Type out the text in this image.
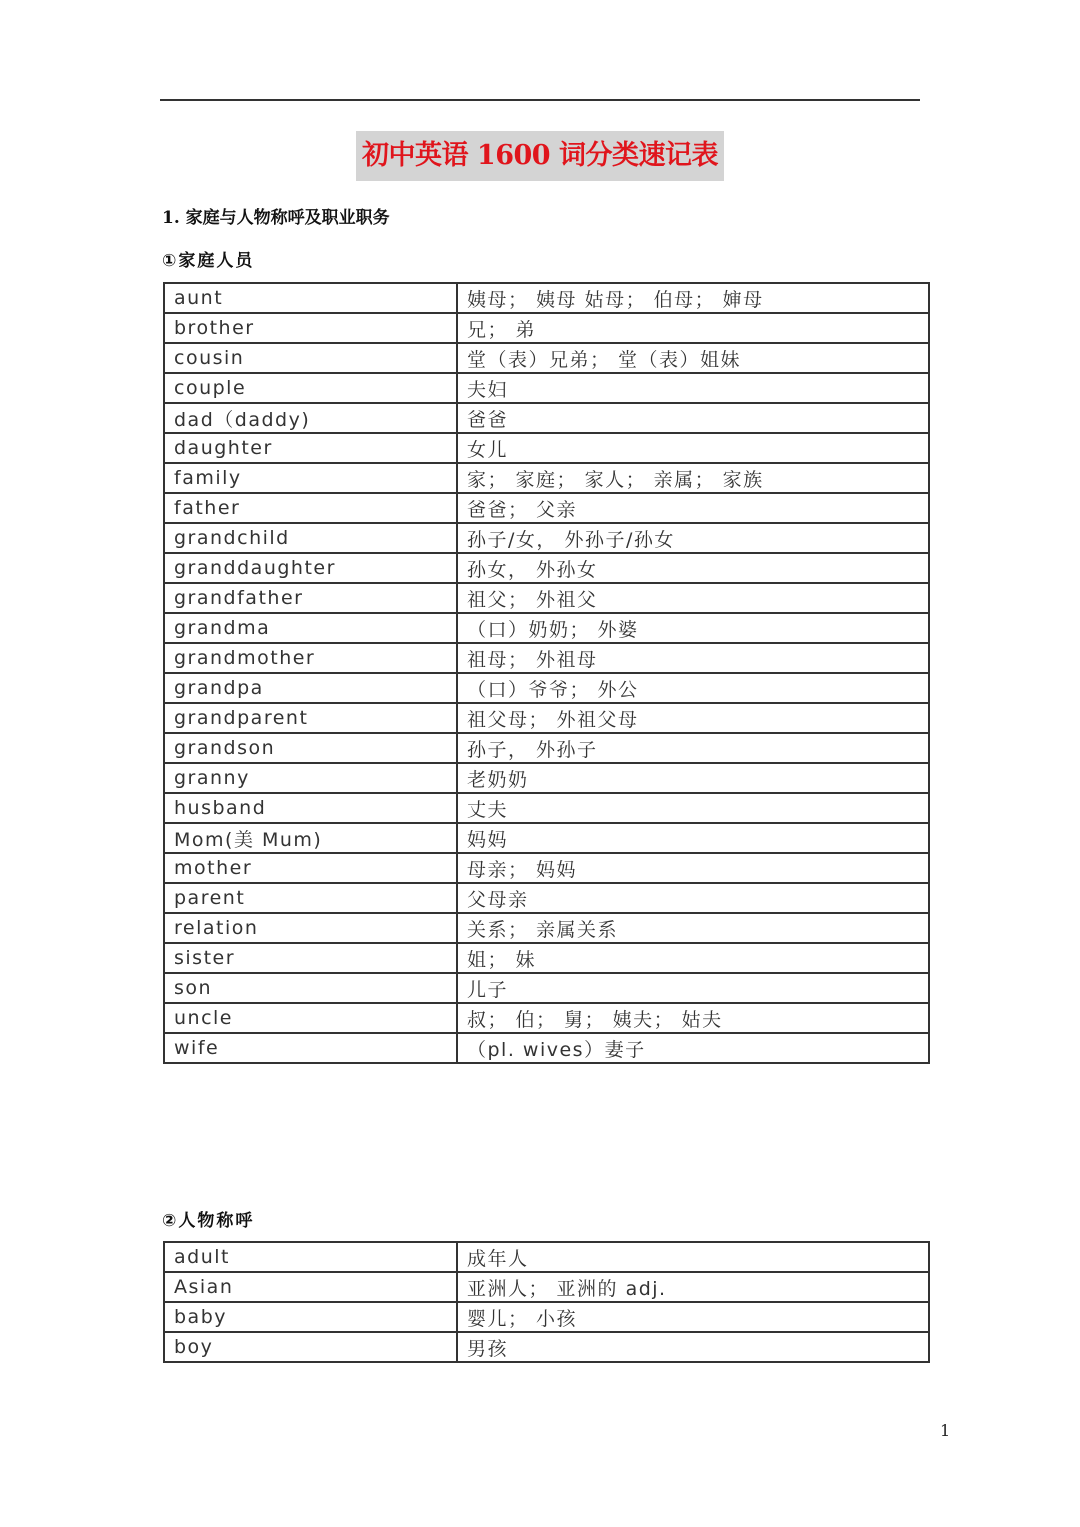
初中英语 1600 词分类速记表
1. 家庭与人物称呼及职业职务
①家庭人员
aunt	姨母； 姨母 姑母； 伯母； 婶母
brother	兄； 弟
cousin	堂（表）兄弟； 堂（表）姐妹
couple	夫妇
dad（daddy)	爸爸
daughter	女儿
family	家； 家庭； 家人； 亲属； 家族
father	爸爸； 父亲
grandchild	孙子/女， 外孙子/孙女
granddaughter	孙女， 外孙女
grandfather	祖父； 外祖父
grandma	（口）奶奶； 外婆
grandmother	祖母； 外祖母
grandpa	（口）爷爷； 外公
grandparent	祖父母； 外祖父母
grandson	孙子， 外孙子
granny	老奶奶
husband	丈夫
Mom(美 Mum)	妈妈
mother	母亲； 妈妈
parent	父母亲
relation	关系； 亲属关系
sister	姐； 妹
son	儿子
uncle	叔； 伯； 舅； 姨夫； 姑夫
wife	（pl. wives）妻子
②人物称呼
adult	成年人
Asian	亚洲人； 亚洲的 adj.
baby	婴儿； 小孩
boy	男孩
1
